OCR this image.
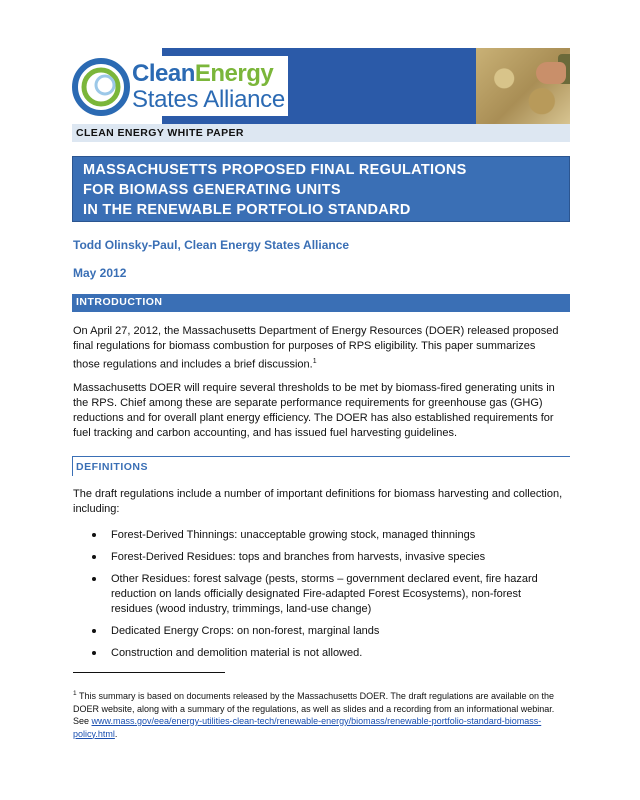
CleanEnergy
States Alliance
CLEAN ENERGY WHITE PAPER
MASSACHUSETTS PROPOSED FINAL REGULATIONS
FOR BIOMASS GENERATING UNITS
IN THE RENEWABLE PORTFOLIO STANDARD
Todd Olinsky-Paul, Clean Energy States Alliance
May 2012
INTRODUCTION
On April 27, 2012, the Massachusetts Department of Energy Resources (DOER) released proposed final regulations for biomass combustion for purposes of RPS eligibility. This paper summarizes those regulations and includes a brief discussion.$^1$
Massachusetts DOER will require several thresholds to be met by biomass-fired generating units in the RPS. Chief among these are separate performance requirements for greenhouse gas (GHG) reductions and for overall plant energy efficiency. The DOER has also established requirements for fuel tracking and carbon accounting, and has issued fuel harvesting guidelines.
DEFINITIONS
The draft regulations include a number of important definitions for biomass harvesting and collection, including:
Forest-Derived Thinnings: unacceptable growing stock, managed thinnings
Forest-Derived Residues: tops and branches from harvests, invasive species
Other Residues: forest salvage (pests, storms – government declared event, fire hazard reduction on lands officially designated Fire-adapted Forest Ecosystems), non-forest residues (wood industry, trimmings, land-use change)
Dedicated Energy Crops: on non-forest, marginal lands
Construction and demolition material is not allowed.
$^1$ This summary is based on documents released by the Massachusetts DOER. The draft regulations are available on the DOER website, along with a summary of the regulations, as well as slides and a recording from an informational webinar. See www.mass.gov/eea/energy-utilities-clean-tech/renewable-energy/biomass/renewable-portfolio-standard-biomass-policy.html.
